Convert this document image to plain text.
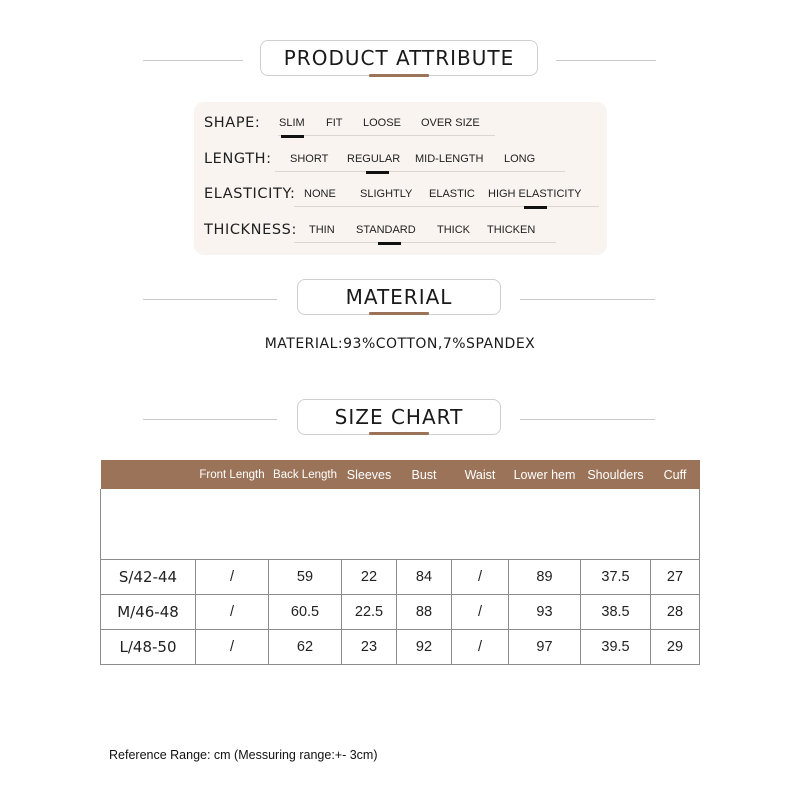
PRODUCT ATTRIBUTE
SHAPE: SLIM FIT LOOSE OVER SIZE
LENGTH: SHORT REGULAR MID-LENGTH LONG
ELASTICITY: NONE SLIGHTLY ELASTIC HIGH ELASTICITY
THICKNESS: THIN STANDARD THICK THICKEN
MATERIAL
MATERIAL:93%COTTON,7%SPANDEX
SIZE CHART
	Front Length	Back Length	Sleeves	Bust	Waist	Lower hem	Shoulders	Cuff

S/42-44	/	59	22	84	/	89	37.5	27
M/46-48	/	60.5	22.5	88	/	93	38.5	28
L/48-50	/	62	23	92	/	97	39.5	29
Reference Range: cm (Messuring range:+- 3cm)
